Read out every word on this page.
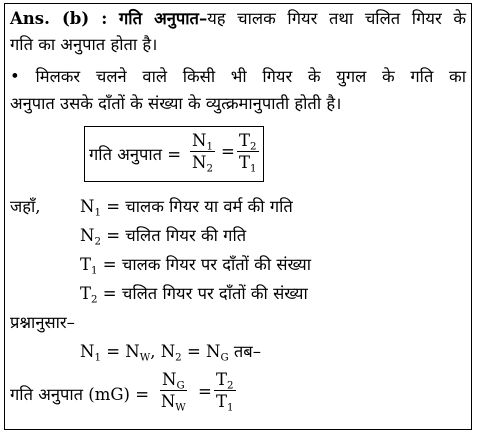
Ans. (b) : गति अनुपात–यह चालक गियर तथा चलित गियर के
गति का अनुपात होता है।
• मिलकर चलने वाले किसी भी गियर के युगल के गति का
अनुपात उसके दाँतों के संख्या के व्युत्क्रमानुपाती होती है।
गति अनुपात = $\frac{N_1}{N_2} = \frac{T_2}{T_1}$
जहाँ, $N_1$ = चालक गियर या वर्म की गति
$N_2$ = चलित गियर की गति
$T_1$ = चालक गियर पर दाँतों की संख्या
$T_2$ = चलित गियर पर दाँतों की संख्या
प्रश्नानुसार–
$N_1 = N_W$, $N_2 = N_G$ तब–
गति अनुपात $(mG) = \frac{N_G}{N_W} = \frac{T_2}{T_1}$
